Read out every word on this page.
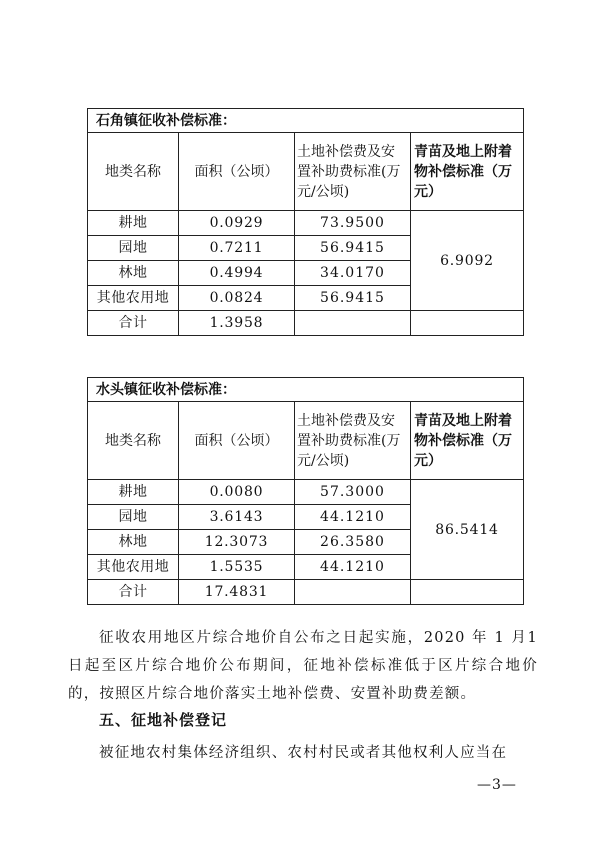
石角镇征收补偿标准：			
地类名称	面积（公顷）	土地补偿费及安置补助费标准(万元/公顷)	青苗及地上附着物补偿标准（万元）
耕地	0.0929	73.9500	6.9092
园地	0.7211	56.9415	
林地	0.4994	34.0170	
其他农用地	0.0824	56.9415	
合计	1.3958		
水头镇征收补偿标准：			
地类名称	面积（公顷）	土地补偿费及安置补助费标准(万元/公顷)	青苗及地上附着物补偿标准（万元）
耕地	0.0080	57.3000	86.5414
园地	3.6143	44.1210	
林地	12.3073	26.3580	
其他农用地	1.5535	44.1210	
合计	17.4831		

征收农用地区片综合地价自公布之日起实施，2020 年 1 月1日起至区片综合地价公布期间，征地补偿标准低于区片综合地价的，按照区片综合地价落实土地补偿费、安置补助费差额。

五、征地补偿登记

被征地农村集体经济组织、农村村民或者其他权利人应当在

—3—
